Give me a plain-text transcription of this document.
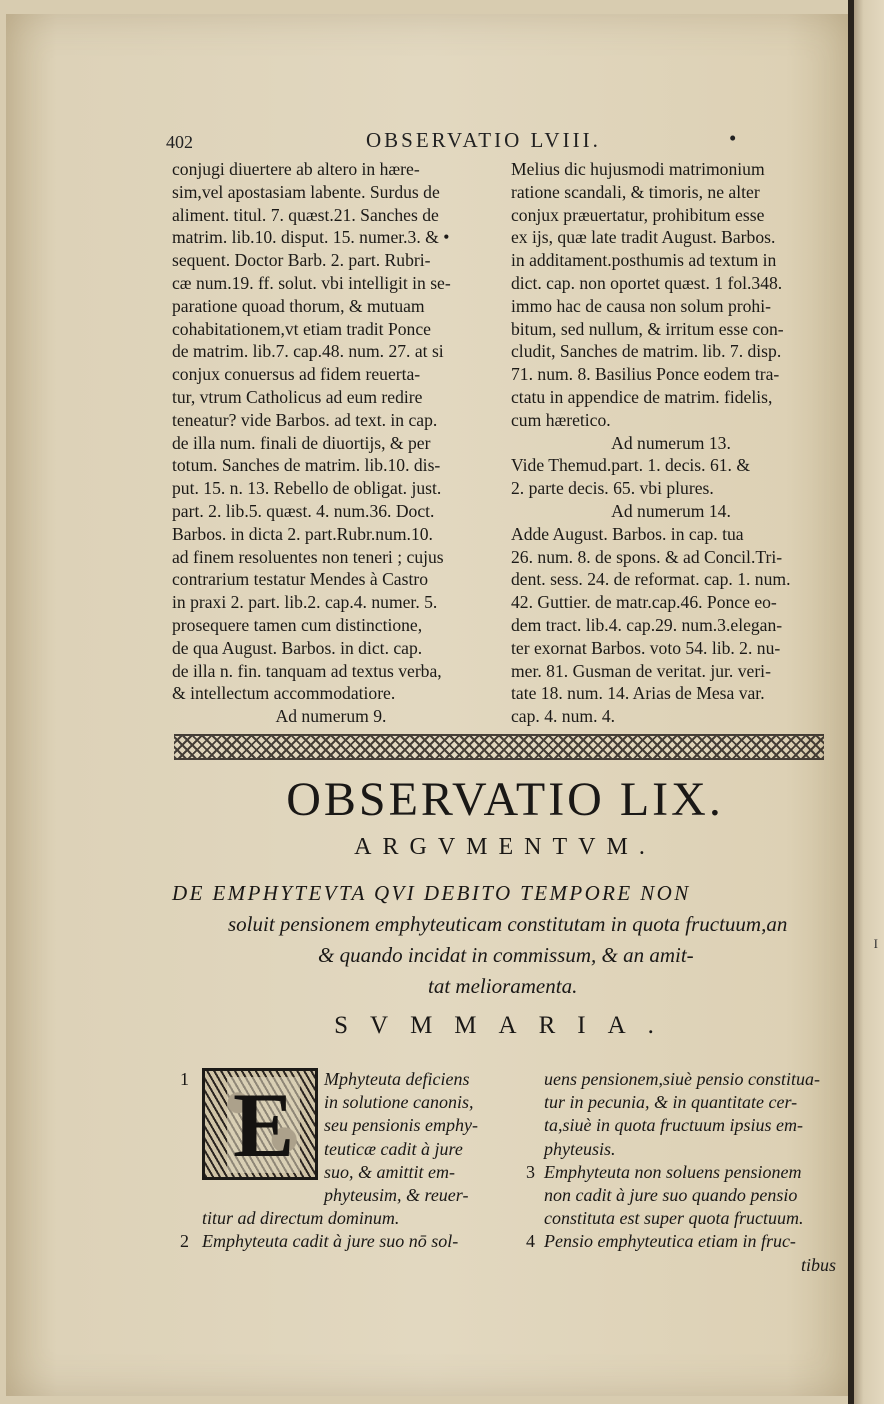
I
402	OBSERVATIO LVIII.	•
conjugi diuertere ab altero in hære-
sim,vel apostasiam labente. Surdus de
aliment. titul. 7. quæst.21. Sanches de
matrim. lib.10. disput. 15. numer.3. & •
sequent. Doctor Barb. 2. part. Rubri-
cæ num.19. ff. solut. vbi intelligit in se-
paratione quoad thorum, & mutuam
cohabitationem,vt etiam tradit Ponce
de matrim. lib.7. cap.48. num. 27. at si
conjux conuersus ad fidem reuerta-
tur, vtrum Catholicus ad eum redire
teneatur? vide Barbos. ad text. in cap.
de illa num. finali de diuortijs, & per
totum. Sanches de matrim. lib.10. dis-
put. 15. n. 13. Rebello de obligat. just.
part. 2. lib.5. quæst. 4. num.36. Doct.
Barbos. in dicta 2. part.Rubr.num.10.
ad finem resoluentes non teneri ; cujus
contrarium testatur Mendes à Castro
in praxi 2. part. lib.2. cap.4. numer. 5.
prosequere tamen cum distinctione,
de qua August. Barbos. in dict. cap.
de illa n. fin. tanquam ad textus verba,
& intellectum accommodatiore.
Ad numerum 9.
Melius dic hujusmodi matrimonium
ratione scandali, & timoris, ne alter
conjux præuertatur, prohibitum esse
ex ijs, quæ late tradit August. Barbos.
in additament.posthumis ad textum in
dict. cap. non oportet quæst. 1 fol.348.
immo hac de causa non solum prohi-
bitum, sed nullum, & irritum esse con-
cludit, Sanches de matrim. lib. 7. disp.
71. num. 8. Basilius Ponce eodem tra-
ctatu in appendice de matrim. fidelis,
cum hæretico.
Ad numerum 13.
Vide Themud.part. 1. decis. 61. &
2. parte decis. 65. vbi plures.
Ad numerum 14.
Adde August. Barbos. in cap. tua
26. num. 8. de spons. & ad Concil.Tri-
dent. sess. 24. de reformat. cap. 1. num.
42. Guttier. de matr.cap.46. Ponce eo-
dem tract. lib.4. cap.29. num.3.elegan-
ter exornat Barbos. voto 54. lib. 2. nu-
mer. 81. Gusman de veritat. jur. veri-
tate 18. num. 14. Arias de Mesa var.
cap. 4. num. 4.
OBSERVATIO LIX.
ARGVMENTVM.
DE EMPHYTEVTA QVI DEBITO TEMPORE NON
soluit pensionem emphyteuticam constitutam in quota fructuum,an
& quando incidat in commissum, & an amit-
tat melioramenta.
SVMMARIA.
E
1	Mphyteuta deficiens
in solutione canonis,
seu pensionis emphy-
teuticæ cadit à jure
suo, & amittit em-
phyteusim, & reuer-
titur ad directum dominum.
2 Emphyteuta cadit à jure suo nō sol-
uens pensionem,siuè pensio constitua-
tur in pecunia, & in quantitate cer-
ta,siuè in quota fructuum ipsius em-
phyteusis.
3 Emphyteuta non soluens pensionem
non cadit à jure suo quando pensio
constituta est super quota fructuum.
4 Pensio emphyteutica etiam in fruc-
tibus
